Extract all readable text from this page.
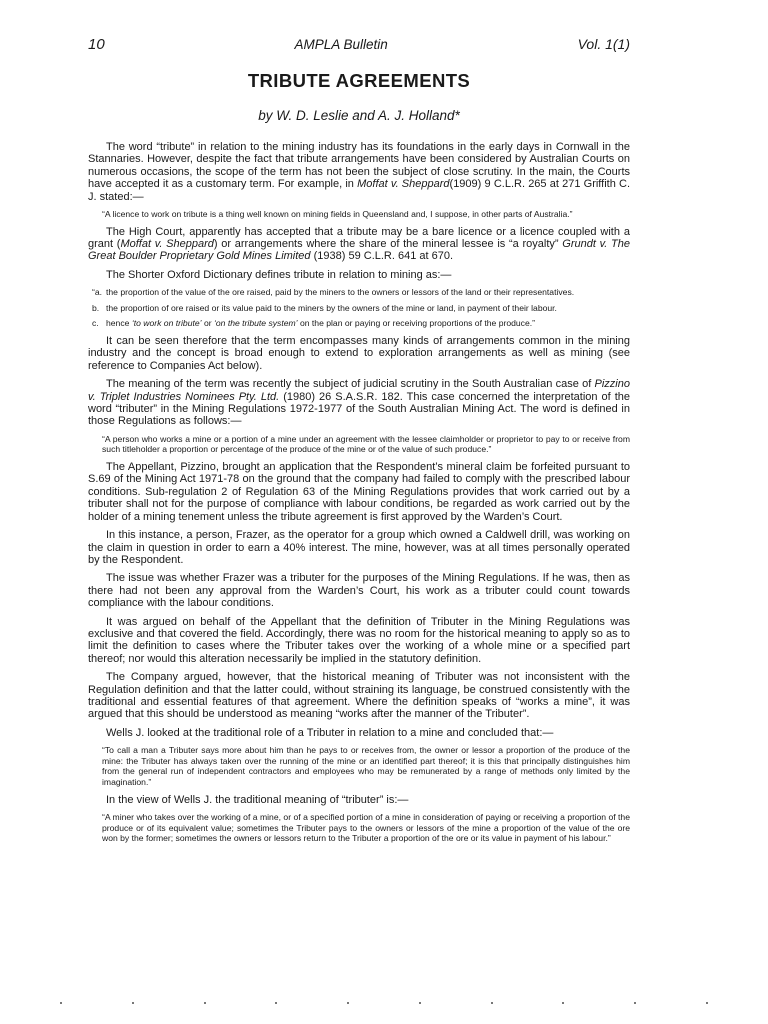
10	AMPLA Bulletin	Vol. 1(1)
TRIBUTE AGREEMENTS
by W. D. Leslie and A. J. Holland*

The word “tribute” in relation to the mining industry has its foundations in the early days in Cornwall in the Stannaries. However, despite the fact that tribute arrangements have been considered by Australian Courts on numerous occasions, the scope of the term has not been the subject of close scrutiny. In the main, the Courts have accepted it as a customary term. For example, in Moffat v. Sheppard(1909) 9 C.L.R. 265 at 271 Griffith C. J. stated:—

“A licence to work on tribute is a thing well known on mining fields in Queensland and, I suppose, in other parts of Australia.”

The High Court, apparently has accepted that a tribute may be a bare licence or a licence coupled with a grant (Moffat v. Sheppard) or arrangements where the share of the mineral lessee is “a royalty” Grundt v. The Great Boulder Proprietary Gold Mines Limited (1938) 59 C.L.R. 641 at 670.

The Shorter Oxford Dictionary defines tribute in relation to mining as:—

“a. the proportion of the value of the ore raised, paid by the miners to the owners or lessors of the land or their representatives.
b. the proportion of ore raised or its value paid to the miners by the owners of the mine or land, in payment of their labour.
c. hence ‘to work on tribute’ or ‘on the tribute system’ on the plan or paying or receiving proportions of the produce.”

It can be seen therefore that the term encompasses many kinds of arrangements common in the mining industry and the concept is broad enough to extend to exploration arrangements as well as mining (see reference to Companies Act below).

The meaning of the term was recently the subject of judicial scrutiny in the South Australian case of Pizzino v. Triplet Industries Nominees Pty. Ltd. (1980) 26 S.A.S.R. 182. This case concerned the interpretation of the word “tributer” in the Mining Regulations 1972-1977 of the South Australian Mining Act. The word is defined in those Regulations as follows:—

“A person who works a mine or a portion of a mine under an agreement with the lessee claimholder or proprietor to pay to or receive from such titleholder a proportion or percentage of the produce of the mine or of the value of such produce.”

The Appellant, Pizzino, brought an application that the Respondent’s mineral claim be forfeited pursuant to S.69 of the Mining Act 1971-78 on the ground that the company had failed to comply with the prescribed labour conditions. Sub-regulation 2 of Regulation 63 of the Mining Regulations provides that work carried out by a tributer shall not for the purpose of compliance with labour conditions, be regarded as work carried out by the holder of a mining tenement unless the tribute agreement is first approved by the Warden’s Court.

In this instance, a person, Frazer, as the operator for a group which owned a Caldwell drill, was working on the claim in question in order to earn a 40% interest. The mine, however, was at all times personally operated by the Respondent.

The issue was whether Frazer was a tributer for the purposes of the Mining Regulations. If he was, then as there had not been any approval from the Warden’s Court, his work as a tributer could count towards compliance with the labour conditions.

It was argued on behalf of the Appellant that the definition of Tributer in the Mining Regulations was exclusive and that covered the field. Accordingly, there was no room for the historical meaning to apply so as to limit the definition to cases where the Tributer takes over the working of a whole mine or a specified part thereof; nor would this alteration necessarily be implied in the statutory definition.

The Company argued, however, that the historical meaning of Tributer was not inconsistent with the Regulation definition and that the latter could, without straining its language, be construed consistently with the traditional and essential features of that agreement. Where the definition speaks of “works a mine”, it was argued that this should be understood as meaning “works after the manner of the Tributer”.

Wells J. looked at the traditional role of a Tributer in relation to a mine and concluded that:—

“To call a man a Tributer says more about him than he pays to or receives from, the owner or lessor a proportion of the produce of the mine: the Tributer has always taken over the running of the mine or an identified part thereof; it is this that principally distinguishes him from the general run of independent contractors and employees who may be remunerated by a range of methods only limited by the imagination.”

In the view of Wells J. the traditional meaning of “tributer” is:—

“A miner who takes over the working of a mine, or of a specified portion of a mine in consideration of paying or receiving a proportion of the produce or of its equivalent value; sometimes the Tributer pays to the owners or lessors of the mine a proportion of the value of the ore won by the former; sometimes the owners or lessors return to the Tributer a proportion of the ore or its value in payment of his labour.”
